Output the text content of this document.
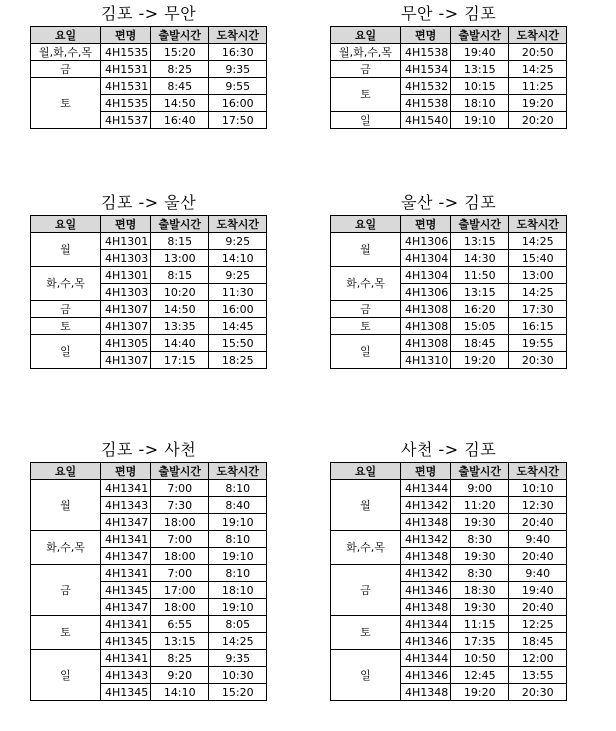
김포 -> 무안
요일	편명	출발시간	도착시간
월,화,수,목	4H1535	15:20	16:30
금	4H1531	8:25	9:35
토	4H1531	8:45	9:55
	4H1535	14:50	16:00
	4H1537	16:40	17:50
무안 -> 김포
요일	편명	출발시간	도착시간
월,화,수,목	4H1538	19:40	20:50
금	4H1534	13:15	14:25
토	4H1532	10:15	11:25
	4H1538	18:10	19:20
일	4H1540	19:10	20:20
김포 -> 울산
요일	편명	출발시간	도착시간
월	4H1301	8:15	9:25
	4H1303	13:00	14:10
화,수,목	4H1301	8:15	9:25
	4H1303	10:20	11:30
금	4H1307	14:50	16:00
토	4H1307	13:35	14:45
일	4H1305	14:40	15:50
	4H1307	17:15	18:25
울산 -> 김포
요일	편명	출발시간	도착시간
월	4H1306	13:15	14:25
	4H1304	14:30	15:40
화,수,목	4H1304	11:50	13:00
	4H1306	13:15	14:25
금	4H1308	16:20	17:30
토	4H1308	15:05	16:15
일	4H1308	18:45	19:55
	4H1310	19:20	20:30
김포 -> 사천
요일	편명	출발시간	도착시간
월	4H1341	7:00	8:10
	4H1343	7:30	8:40
	4H1347	18:00	19:10
화,수,목	4H1341	7:00	8:10
	4H1347	18:00	19:10
금	4H1341	7:00	8:10
	4H1345	17:00	18:10
	4H1347	18:00	19:10
토	4H1341	6:55	8:05
	4H1345	13:15	14:25
일	4H1341	8:25	9:35
	4H1343	9:20	10:30
	4H1345	14:10	15:20
사천 -> 김포
요일	편명	출발시간	도착시간
월	4H1344	9:00	10:10
	4H1342	11:20	12:30
	4H1348	19:30	20:40
화,수,목	4H1342	8:30	9:40
	4H1348	19:30	20:40
금	4H1342	8:30	9:40
	4H1346	18:30	19:40
	4H1348	19:30	20:40
토	4H1344	11:15	12:25
	4H1346	17:35	18:45
일	4H1344	10:50	12:00
	4H1346	12:45	13:55
	4H1348	19:20	20:30
